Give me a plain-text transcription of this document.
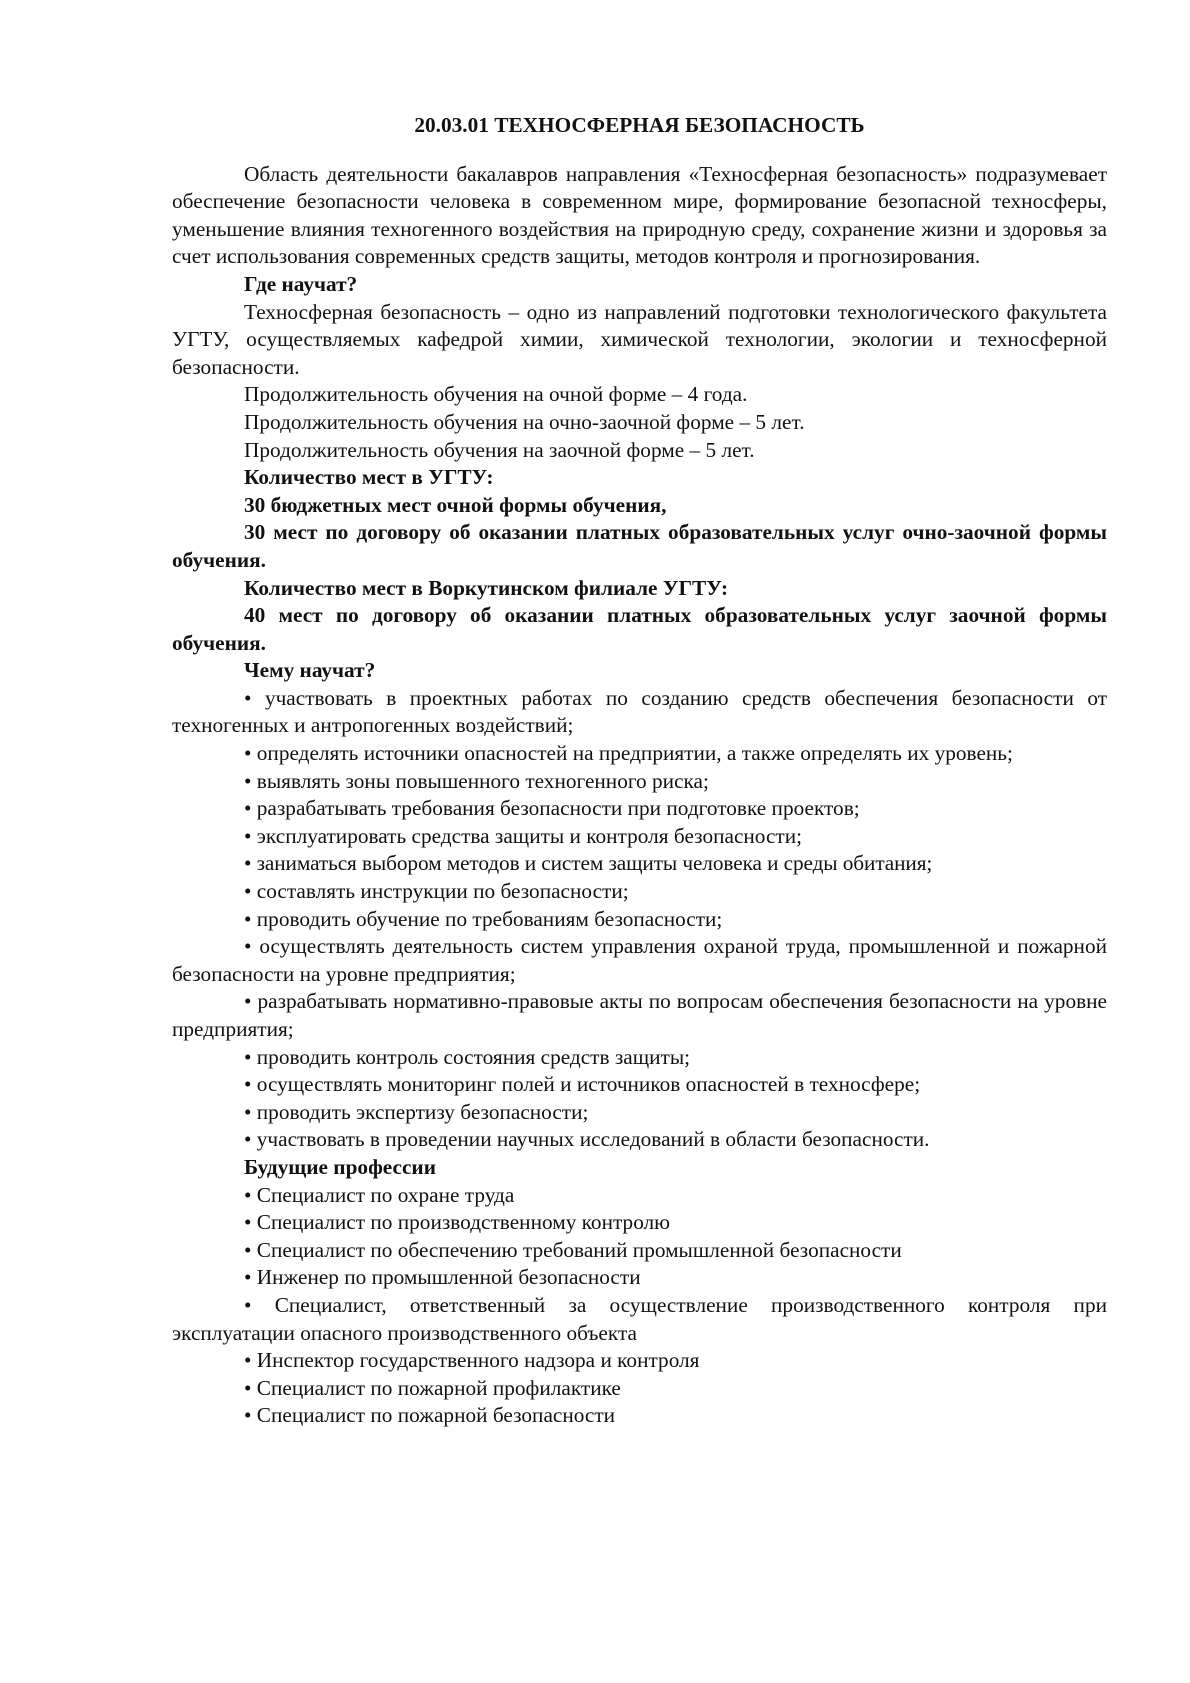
20.03.01 ТЕХНОСФЕРНАЯ БЕЗОПАСНОСТЬ

Область деятельности бакалавров направления «Техносферная безопасность» подразумевает обеспечение безопасности человека в современном мире, формирование безопасной техносферы, уменьшение влияния техногенного воздействия на природную среду, сохранение жизни и здоровья за счет использования современных средств защиты, методов контроля и прогнозирования.

Где научат?

Техносферная безопасность – одно из направлений подготовки технологического факультета УГТУ, осуществляемых кафедрой химии, химической технологии, экологии и техносферной безопасности.

Продолжительность обучения на очной форме – 4 года.

Продолжительность обучения на очно-заочной форме – 5 лет.

Продолжительность обучения на заочной форме – 5 лет.

Количество мест в УГТУ:

30 бюджетных мест очной формы обучения,

30 мест по договору об оказании платных образовательных услуг очно-заочной формы обучения.

Количество мест в Воркутинском филиале УГТУ:

40 мест по договору об оказании платных образовательных услуг заочной формы обучения.

Чему научат?

• участвовать в проектных работах по созданию средств обеспечения безопасности от техногенных и антропогенных воздействий;

• определять источники опасностей на предприятии, а также определять их уровень;

• выявлять зоны повышенного техногенного риска;

• разрабатывать требования безопасности при подготовке проектов;

• эксплуатировать средства защиты и контроля безопасности;

• заниматься выбором методов и систем защиты человека и среды обитания;

• составлять инструкции по безопасности;

• проводить обучение по требованиям безопасности;

• осуществлять деятельность систем управления охраной труда, промышленной и пожарной безопасности на уровне предприятия;

• разрабатывать нормативно-правовые акты по вопросам обеспечения безопасности на уровне предприятия;

• проводить контроль состояния средств защиты;

• осуществлять мониторинг полей и источников опасностей в техносфере;

• проводить экспертизу безопасности;

• участвовать в проведении научных исследований в области безопасности.

Будущие профессии

• Специалист по охране труда

• Специалист по производственному контролю

• Специалист по обеспечению требований промышленной безопасности

• Инженер по промышленной безопасности

• Специалист, ответственный за осуществление производственного контроля при эксплуатации опасного производственного объекта

• Инспектор государственного надзора и контроля

• Специалист по пожарной профилактике

• Специалист по пожарной безопасности
